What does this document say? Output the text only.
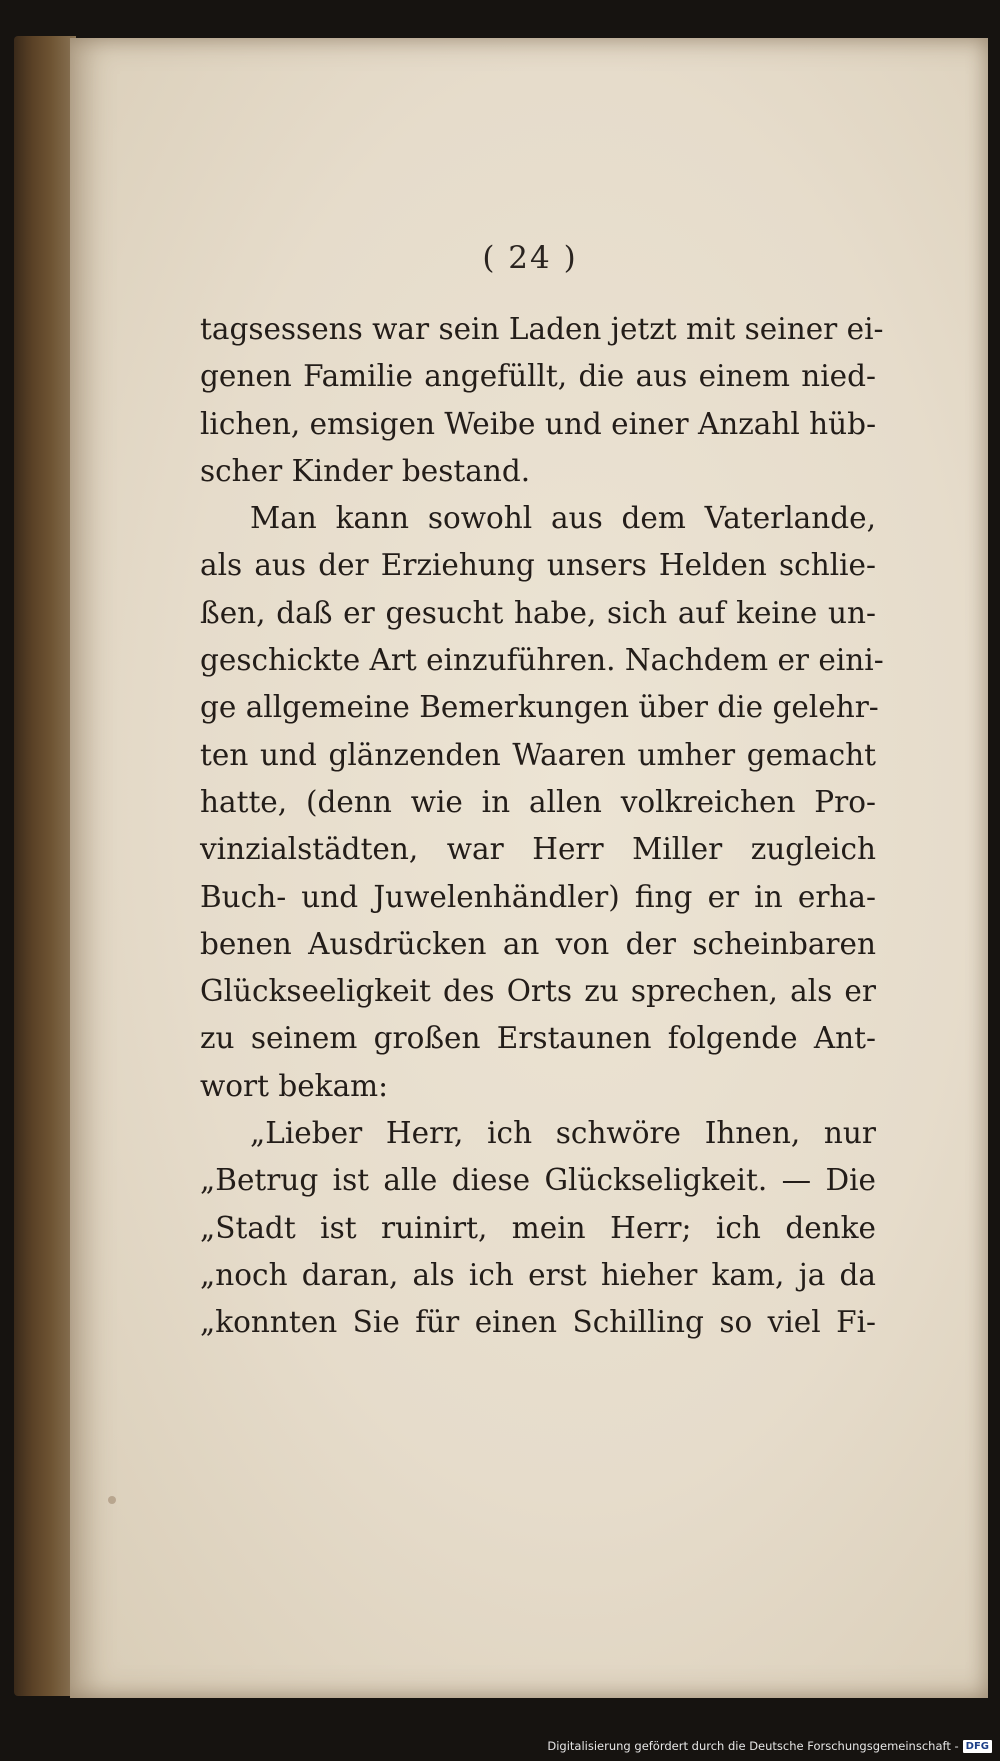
( 24 )
tagsessens war sein Laden jetzt mit seiner ei-
genen Familie angefüllt, die aus einem nied-
lichen, emsigen Weibe und einer Anzahl hüb-
scher Kinder bestand.
Man kann sowohl aus dem Vaterlande,
als aus der Erziehung unsers Helden schlie-
ßen, daß er gesucht habe, sich auf keine un-
geschickte Art einzuführen. Nachdem er eini-
ge allgemeine Bemerkungen über die gelehr-
ten und glänzenden Waaren umher gemacht
hatte, (denn wie in allen volkreichen Pro-
vinzialstädten, war Herr Miller zugleich
Buch- und Juwelenhändler) fing er in erha-
benen Ausdrücken an von der scheinbaren
Glückseeligkeit des Orts zu sprechen, als er
zu seinem großen Erstaunen folgende Ant-
wort bekam:
„Lieber Herr, ich schwöre Ihnen, nur
„Betrug ist alle diese Glückseligkeit. — Die
„Stadt ist ruinirt, mein Herr; ich denke
„noch daran, als ich erst hieher kam, ja da
„konnten Sie für einen Schilling so viel Fi-
Digitalisierung gefördert durch die Deutsche Forschungsgemeinschaft - DFG
